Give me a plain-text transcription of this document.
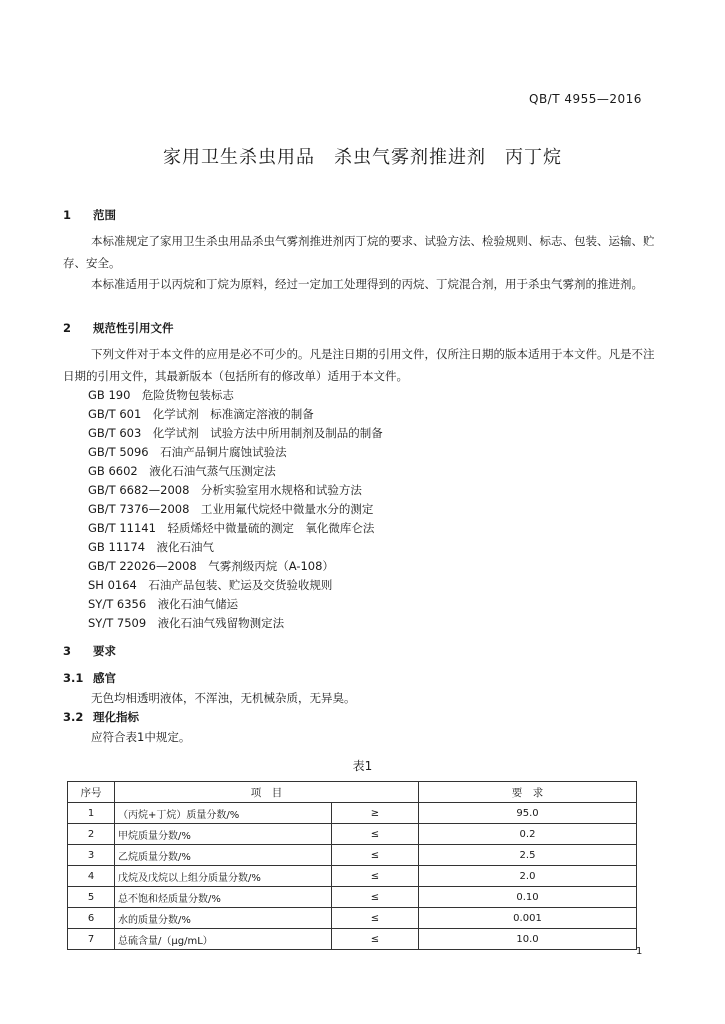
QB/T 4955—2016
家用卫生杀虫用品　杀虫气雾剂推进剂　丙丁烷
1 范围
本标准规定了家用卫生杀虫用品杀虫气雾剂推进剂丙丁烷的要求、试验方法、检验规则、标志、包装、运输、贮存、安全。
本标准适用于以丙烷和丁烷为原料，经过一定加工处理得到的丙烷、丁烷混合剂，用于杀虫气雾剂的推进剂。
2 规范性引用文件
下列文件对于本文件的应用是必不可少的。凡是注日期的引用文件，仅所注日期的版本适用于本文件。凡是不注日期的引用文件，其最新版本（包括所有的修改单）适用于本文件。
GB 190　危险货物包装标志
GB/T 601　化学试剂　标准滴定溶液的制备
GB/T 603　化学试剂　试验方法中所用制剂及制品的制备
GB/T 5096　石油产品铜片腐蚀试验法
GB 6602　液化石油气蒸气压测定法
GB/T 6682—2008　分析实验室用水规格和试验方法
GB/T 7376—2008　工业用氟代烷烃中微量水分的测定
GB/T 11141　轻质烯烃中微量硫的测定　氧化微库仑法
GB 11174　液化石油气
GB/T 22026—2008　气雾剂级丙烷（A-108）
SH 0164　石油产品包装、贮运及交货验收规则
SY/T 6356　液化石油气储运
SY/T 7509　液化石油气残留物测定法
3 要求
3.1 感官
无色均相透明液体，不浑浊，无机械杂质，无异臭。
3.2 理化指标
应符合表1中规定。
表1
序号	项　目		要　求
1	（丙烷+丁烷）质量分数/%	≥	95.0
2	甲烷质量分数/%	≤	0.2
3	乙烷质量分数/%	≤	2.5
4	戊烷及戊烷以上组分质量分数/%	≤	2.0
5	总不饱和烃质量分数/%	≤	0.10
6	水的质量分数/%	≤	0.001
7	总硫含量/（μg/mL）	≤	10.0
1
